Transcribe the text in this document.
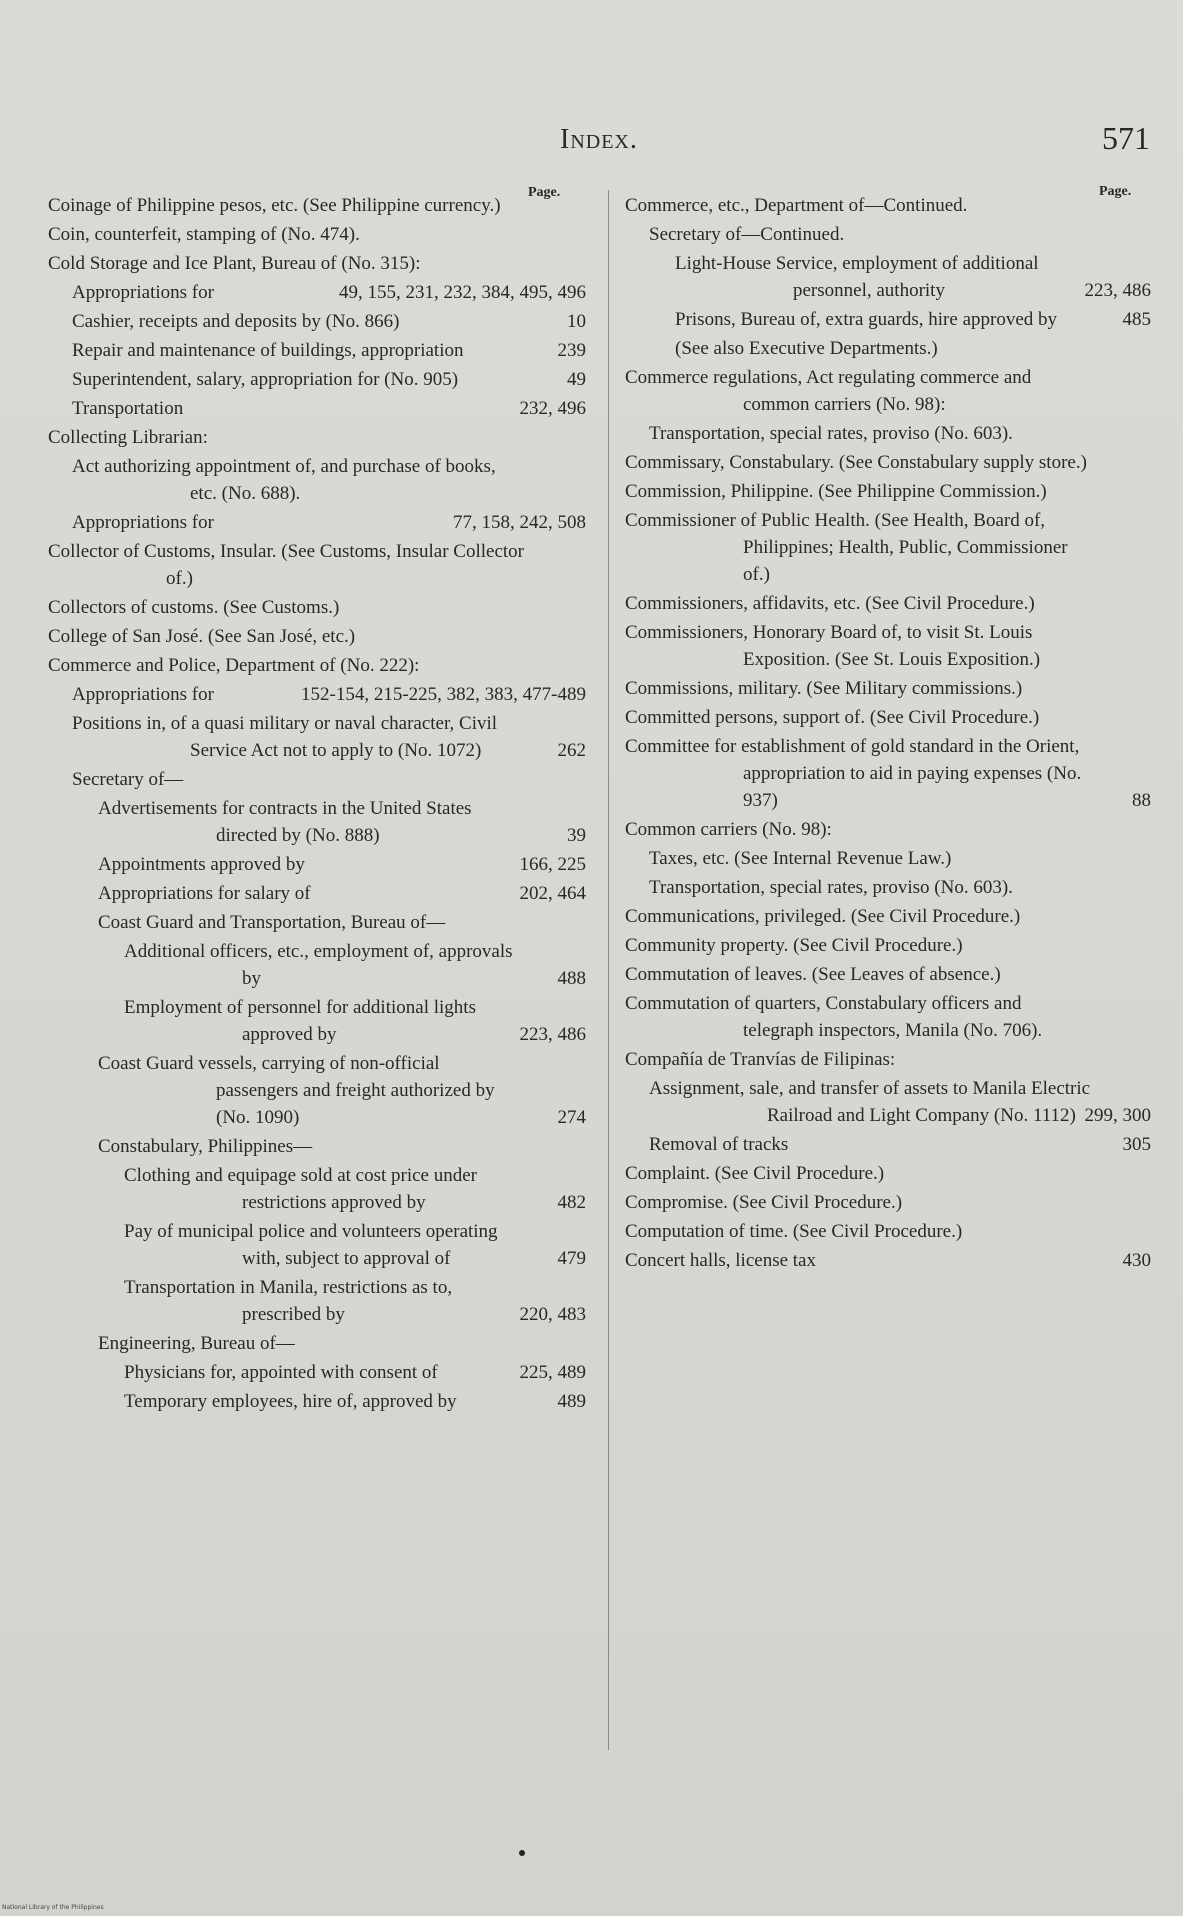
Index.	571
Page.
Coinage of Philippine pesos, etc. (See Philippine currency.)
Coin, counterfeit, stamping of (No. 474).
Cold Storage and Ice Plant, Bureau of (No. 315):
Appropriations for	49, 155, 231, 232, 384, 495, 496
Cashier, receipts and deposits by (No. 866)	10
Repair and maintenance of buildings, appropriation	239
Superintendent, salary, appropriation for (No. 905)	49
Transportation	232, 496
Collecting Librarian:
Act authorizing appointment of, and purchase of books, etc. (No. 688).
Appropriations for	77, 158, 242, 508
Collector of Customs, Insular. (See Customs, Insular Collector of.)
Collectors of customs. (See Customs.)
College of San José. (See San José, etc.)
Commerce and Police, Department of (No. 222):
Appropriations for	152-154, 215-225, 382, 383, 477-489
Positions in, of a quasi military or naval character, Civil Service Act not to apply to (No. 1072)	262
Secretary of—
Advertisements for contracts in the United States directed by (No. 888)	39
Appointments approved by	166, 225
Appropriations for salary of	202, 464
Coast Guard and Transportation, Bureau of—
Additional officers, etc., employment of, approvals by	488
Employment of personnel for additional lights approved by	223, 486
Coast Guard vessels, carrying of non-official passengers and freight authorized by (No. 1090)	274
Constabulary, Philippines—
Clothing and equipage sold at cost price under restrictions approved by	482
Pay of municipal police and volunteers operating with, subject to approval of	479
Transportation in Manila, restrictions as to, prescribed by	220, 483
Engineering, Bureau of—
Physicians for, appointed with consent of	225, 489
Temporary employees, hire of, approved by	489
Page.
Commerce, etc., Department of—Continued.
Secretary of—Continued.
Light-House Service, employment of additional personnel, authority	223, 486
Prisons, Bureau of, extra guards, hire approved by	485
(See also Executive Departments.)
Commerce regulations, Act regulating commerce and common carriers (No. 98):
Transportation, special rates, proviso (No. 603).
Commissary, Constabulary. (See Constabulary supply store.)
Commission, Philippine. (See Philippine Commission.)
Commissioner of Public Health. (See Health, Board of, Philippines; Health, Public, Commissioner of.)
Commissioners, affidavits, etc. (See Civil Procedure.)
Commissioners, Honorary Board of, to visit St. Louis Exposition. (See St. Louis Exposition.)
Commissions, military. (See Military commissions.)
Committed persons, support of. (See Civil Procedure.)
Committee for establishment of gold standard in the Orient, appropriation to aid in paying expenses (No. 937)	88
Common carriers (No. 98):
Taxes, etc. (See Internal Revenue Law.)
Transportation, special rates, proviso (No. 603).
Communications, privileged. (See Civil Procedure.)
Community property. (See Civil Procedure.)
Commutation of leaves. (See Leaves of absence.)
Commutation of quarters, Constabulary officers and telegraph inspectors, Manila (No. 706).
Compañía de Tranvías de Filipinas:
Assignment, sale, and transfer of assets to Manila Electric Railroad and Light Company (No. 1112) 299, 300
Removal of tracks	305
Complaint. (See Civil Procedure.)
Compromise. (See Civil Procedure.)
Computation of time. (See Civil Procedure.)
Concert halls, license tax	430
National Library of the Philippines
